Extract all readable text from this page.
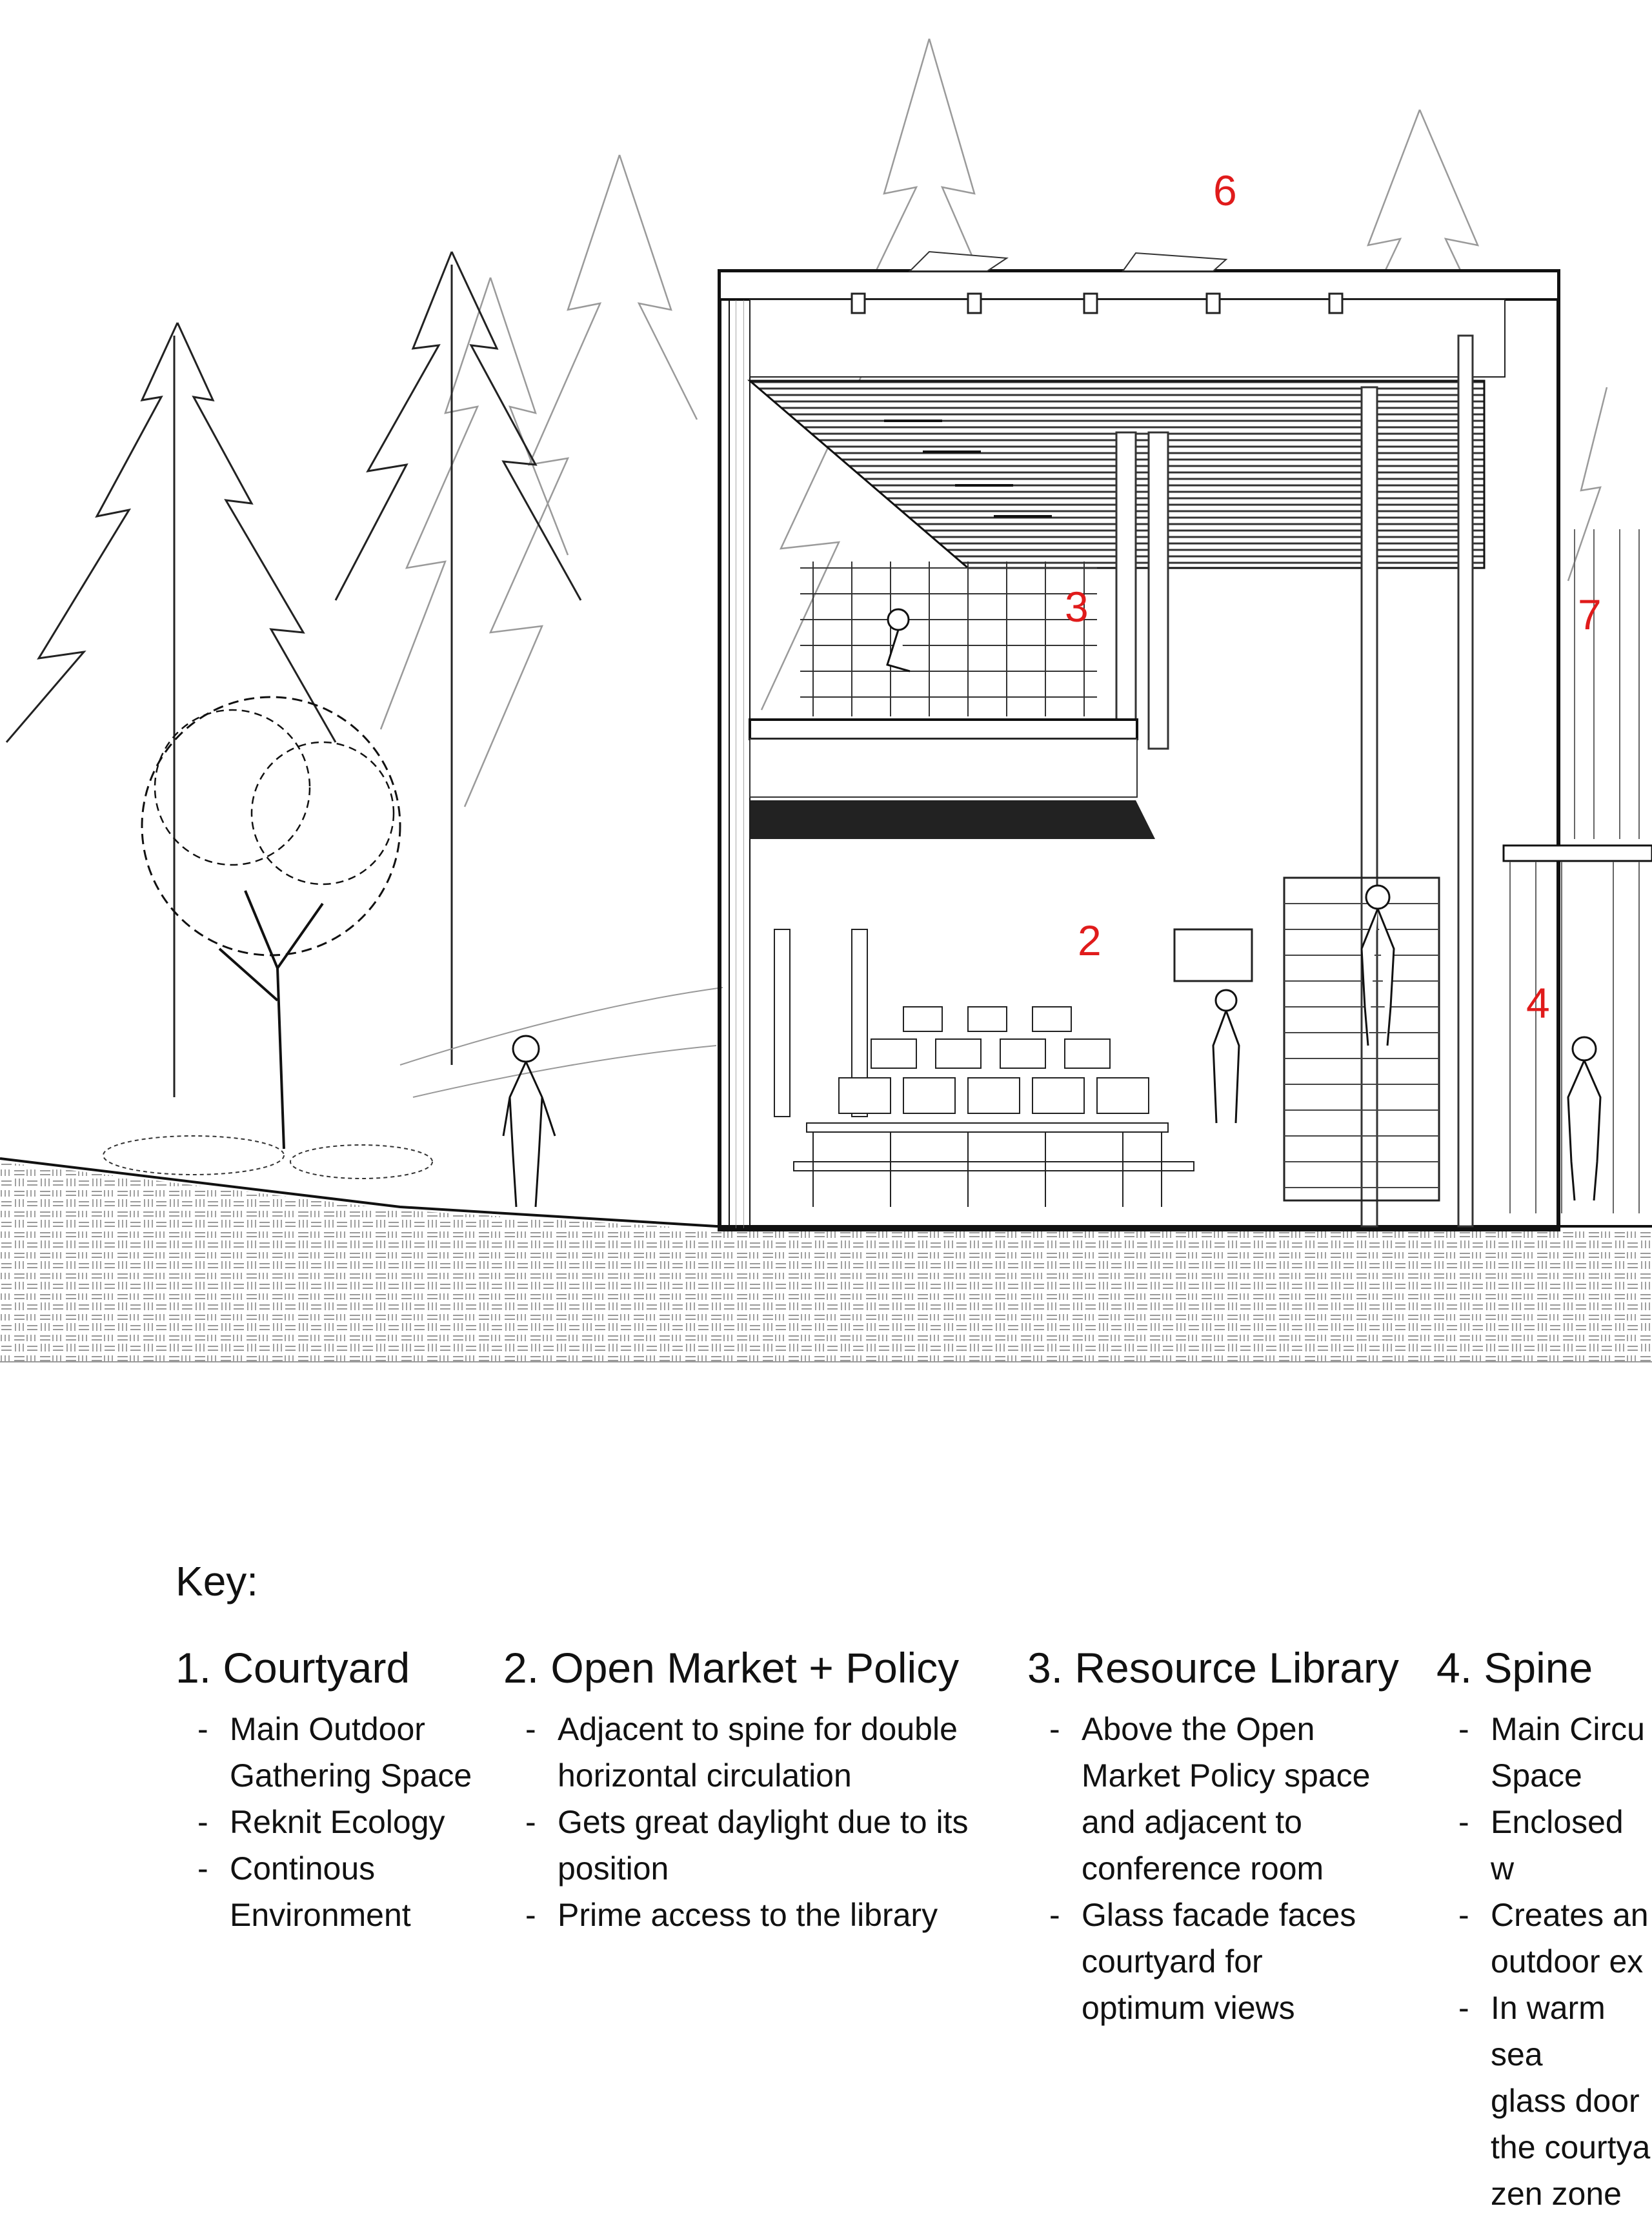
6
3	7
2
4
Key:
1. Courtyard
- Main Outdoor
Gathering Space
- Reknit Ecology
- Continous
Environment
2. Open Market + Policy
- Adjacent to spine for double
horizontal circulation
- Gets great daylight due to its
position
- Prime access to the library
3. Resource Library
- Above the Open
Market Policy space
and adjacent to
conference room
- Glass facade faces
courtyard for
optimum views
4. Spine
- Main Circu
Space
- Enclosed w
- Creates an
outdoor ex
- In warm sea
glass door
the courtya
zen zone
